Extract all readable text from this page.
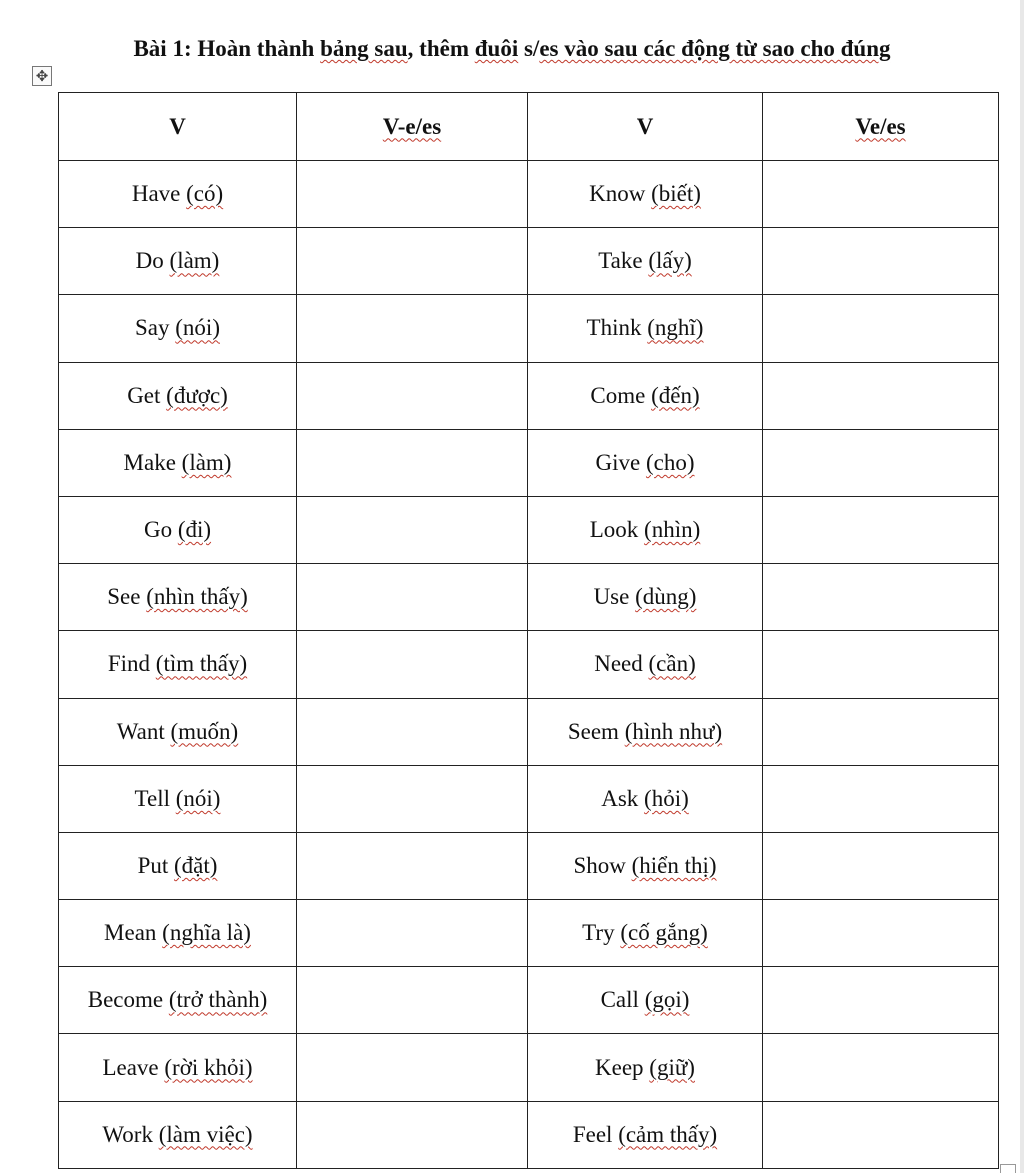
Bài 1: Hoàn thành bảng sau, thêm đuôi s/es vào sau các động từ sao cho đúng
✥
V	V-e/es	V	Ve/es
Have (có)		Know (biết)	
Do (làm)		Take (lấy)	
Say (nói)		Think (nghĩ)	
Get (được)		Come (đến)	
Make (làm)		Give (cho)	
Go (đi)		Look (nhìn)	
See (nhìn thấy)		Use (dùng)	
Find (tìm thấy)		Need (cần)	
Want (muốn)		Seem (hình như)	
Tell (nói)		Ask (hỏi)	
Put (đặt)		Show (hiển thị)	
Mean (nghĩa là)		Try (cố gắng)	
Become (trở thành)		Call (gọi)	
Leave (rời khỏi)		Keep (giữ)	
Work (làm việc)		Feel (cảm thấy)	
